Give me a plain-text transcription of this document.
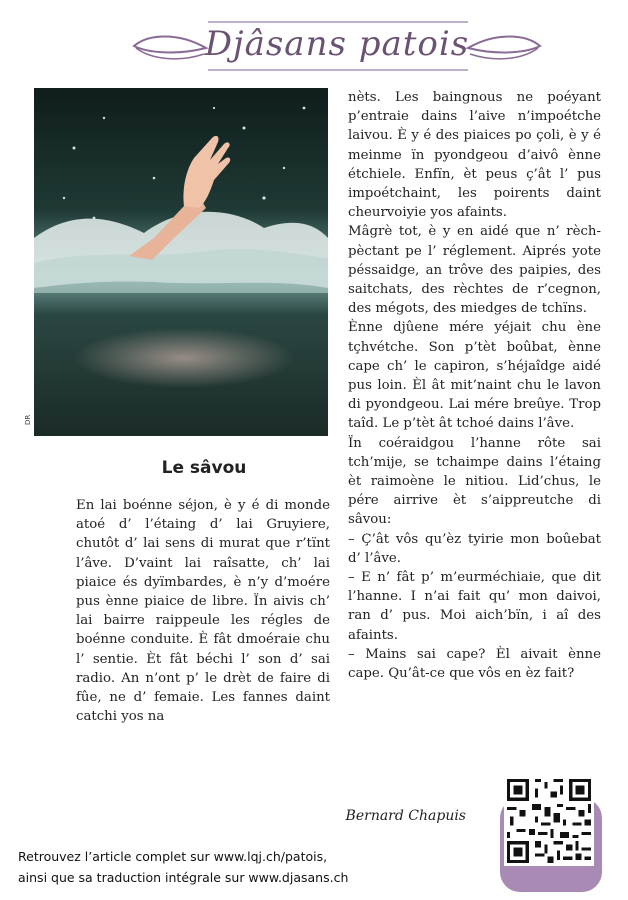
Djâsans patois
DR
Le sâvou

En lai boénne séjon, è y é di monde atoé d’ l’étaing d’ lai Gruyiere, chutôt d’ lai sens di murat que r’tïnt l’âve. D’vaint lai raîsatte, ch’ lai piaice és dyïmbardes, è n’y d’moére pus ènne piaice de libre. Ïn aivis ch’ lai bairre raippeule les régles de boénne conduite. È fât dmoéraie chu l’ sentie. Èt fât béchi l’ son d’ sai radio. An n’ont p’ le drèt de faire di fûe, ne d’ femaie. Les fannes daint catchi yos na

nèts. Les baingnous ne poéyant p’entraie dains l’aive n’impoétche laivou. È y é des piaices po çoli, è y é meinme ïn pyondgeou d’aivô ènne étchiele. Enfïn, èt peus ç’ât l’ pus impoétchaint, les poirents daint cheurvoiyie yos afaints.

Mâgrè tot, è y en aidé que n’ rèchpèctant pe l’ réglement. Aiprés yote péssaidge, an trôve des paipies, des saitchats, des rèchtes de r’cegnon, des mégots, des miedges de tchïns.

Ènne djûene mére yéjait chu ène tçhvétche. Son p’tèt boûbat, ènne cape ch’ le capiron, s’héjaîdge aidé pus loin. Èl ât mit’naint chu le lavon di pyondgeou. Lai mére breûye. Trop taîd. Le p’tèt ât tchoé dains l’âve.

Ïn coéraidgou l’hanne rôte sai tch’mije, se tchaimpe dains l’étaing èt raimoène le nitiou. Lid’chus, le pére airrive èt s’aippreutche di sâvou:

– Ç’ât vôs qu’èz tyirie mon boûebat d’ l’âve.

– E n’ fât p’ m’eurméchiaie, que dit l’hanne. I n’ai fait qu’ mon daivoi, ran d’ pus. Moi aich’bïn, i aî des afaints.

– Mains sai cape? Èl aivait ènne cape. Qu’ât-ce que vôs en èz fait?

Bernard Chapuis
Retrouvez l’article complet sur www.lqj.ch/patois,
ainsi que sa traduction intégrale sur www.djasans.ch
